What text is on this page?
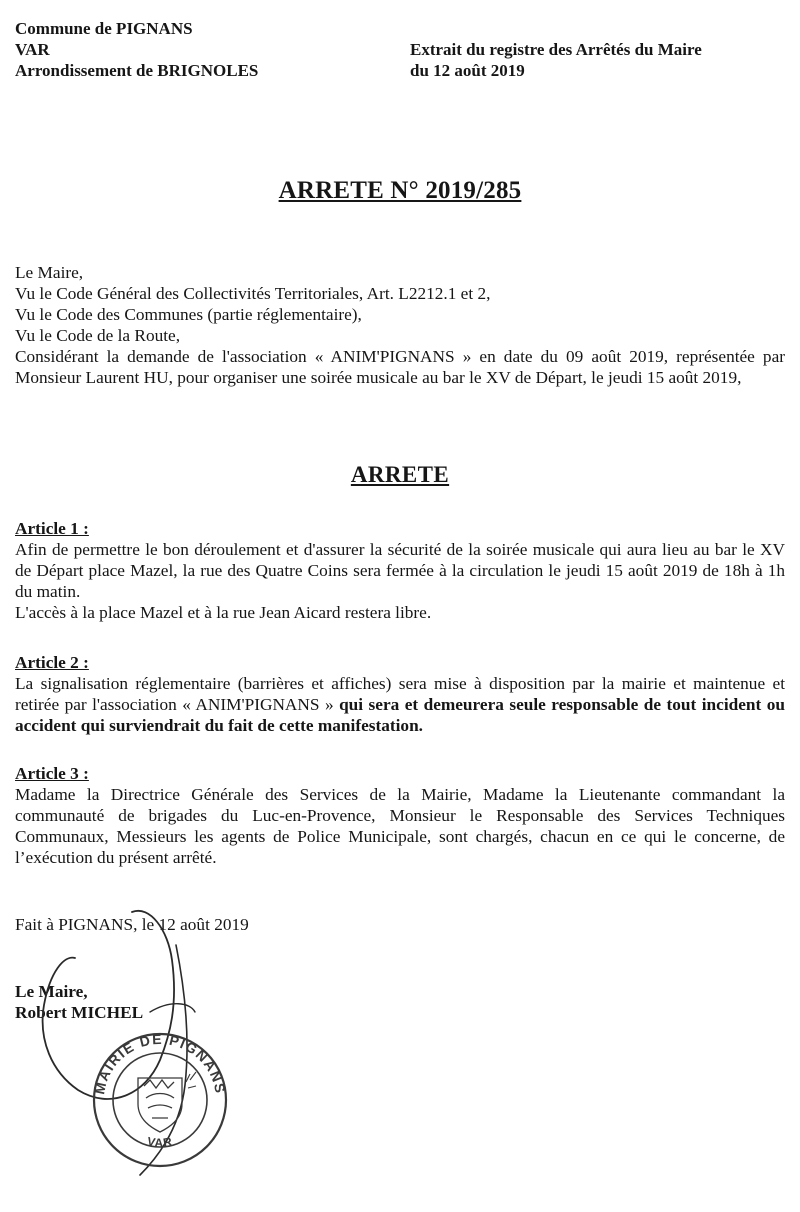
Commune de PIGNANS
VAR
Arrondissement de BRIGNOLES
Extrait du registre des Arrêtés du Maire
du 12 août 2019
ARRETE N° 2019/285
Le Maire,
Vu le Code Général des Collectivités Territoriales, Art. L2212.1 et 2,
Vu le Code des Communes (partie réglementaire),
Vu le Code de la Route,
Considérant la demande de l'association « ANIM'PIGNANS » en date du 09 août 2019, représentée par Monsieur Laurent HU, pour organiser une soirée musicale au bar le XV de Départ, le jeudi 15 août 2019,
ARRETE
Article 1 :
Afin de permettre le bon déroulement et d'assurer la sécurité de la soirée musicale qui aura lieu au bar le XV de Départ place Mazel, la rue des Quatre Coins sera fermée à la circulation le jeudi 15 août 2019 de 18h à 1h du matin.
L'accès à la place Mazel et à la rue Jean Aicard restera libre.
Article 2 :
La signalisation réglementaire (barrières et affiches) sera mise à disposition par la mairie et maintenue et retirée par l'association « ANIM'PIGNANS » qui sera et demeurera seule responsable de tout incident ou accident qui surviendrait du fait de cette manifestation.
Article 3 :
Madame la Directrice Générale des Services de la Mairie, Madame la Lieutenante commandant la communauté de brigades du Luc-en-Provence, Monsieur le Responsable des Services Techniques Communaux, Messieurs les agents de Police Municipale, sont chargés, chacun en ce qui le concerne, de l’exécution du présent arrêté.
Fait à PIGNANS, le 12 août 2019
Le Maire,
Robert MICHEL
MAIRIE DE PIGNANS
VAR
